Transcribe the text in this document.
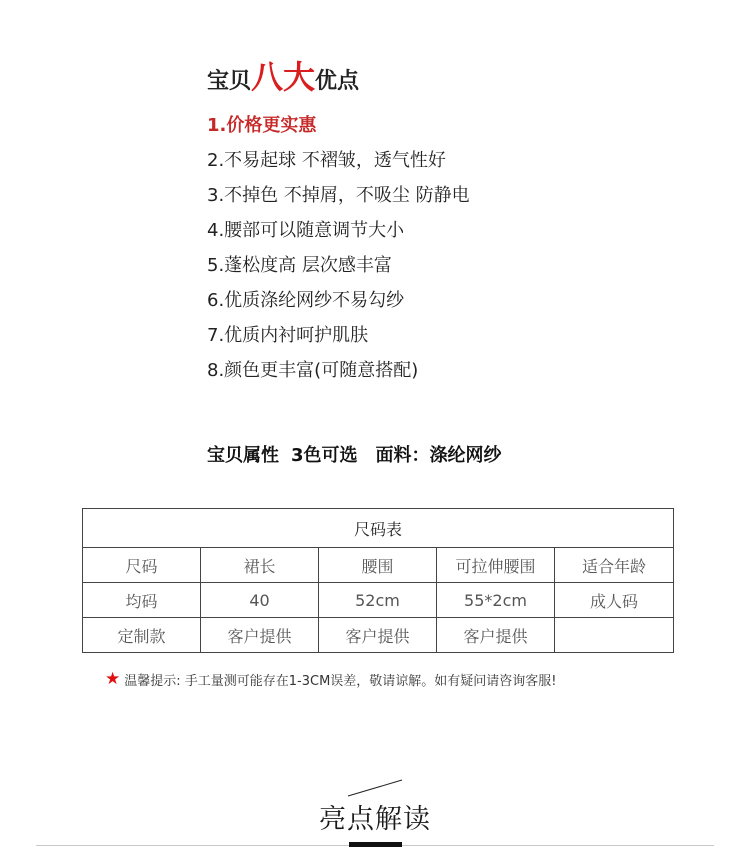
宝贝八大优点
1.价格更实惠
2.不易起球 不褶皱，透气性好
3.不掉色 不掉屑，不吸尘 防静电
4.腰部可以随意调节大小
5.蓬松度高 层次感丰富
6.优质涤纶网纱不易勾纱
7.优质内衬呵护肌肤
8.颜色更丰富(可随意搭配)
宝贝属性 3色可选 面料：涤纶网纱
尺码表				
尺码	裙长	腰围	可拉伸腰围	适合年龄
均码	40	52cm	55*2cm	成人码
定制款	客户提供	客户提供	客户提供	
★ 温馨提示: 手工量测可能存在1-3CM误差，敬请谅解。如有疑问请咨询客服!
亮点解读
